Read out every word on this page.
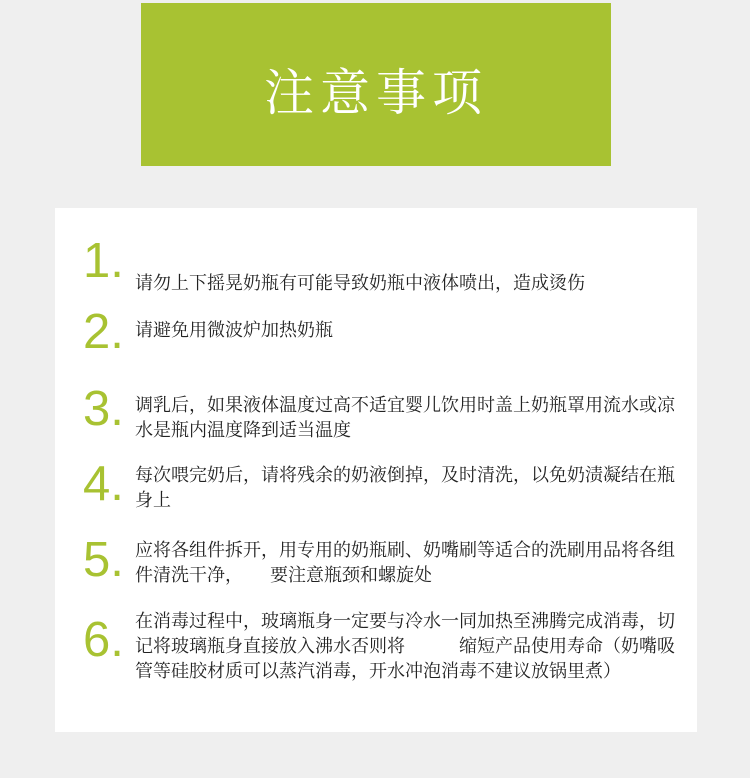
注意事项
1. 请勿上下摇晃奶瓶有可能导致奶瓶中液体喷出，造成烫伤
2. 请避免用微波炉加热奶瓶
3. 调乳后，如果液体温度过高不适宜婴儿饮用时盖上奶瓶罩用流水或凉水是瓶内温度降到适当温度
4. 每次喂完奶后，请将残余的奶液倒掉，及时清洗，以免奶渍凝结在瓶身上
5. 应将各组件拆开，用专用的奶瓶刷、奶嘴刷等适合的洗刷用品将各组件清洗干净，　　要注意瓶颈和螺旋处
6. 在消毒过程中，玻璃瓶身一定要与冷水一同加热至沸腾完成消毒，切记将玻璃瓶身直接放入沸水否则将　　　缩短产品使用寿命（奶嘴吸管等硅胶材质可以蒸汽消毒，开水冲泡消毒不建议放锅里煮）
